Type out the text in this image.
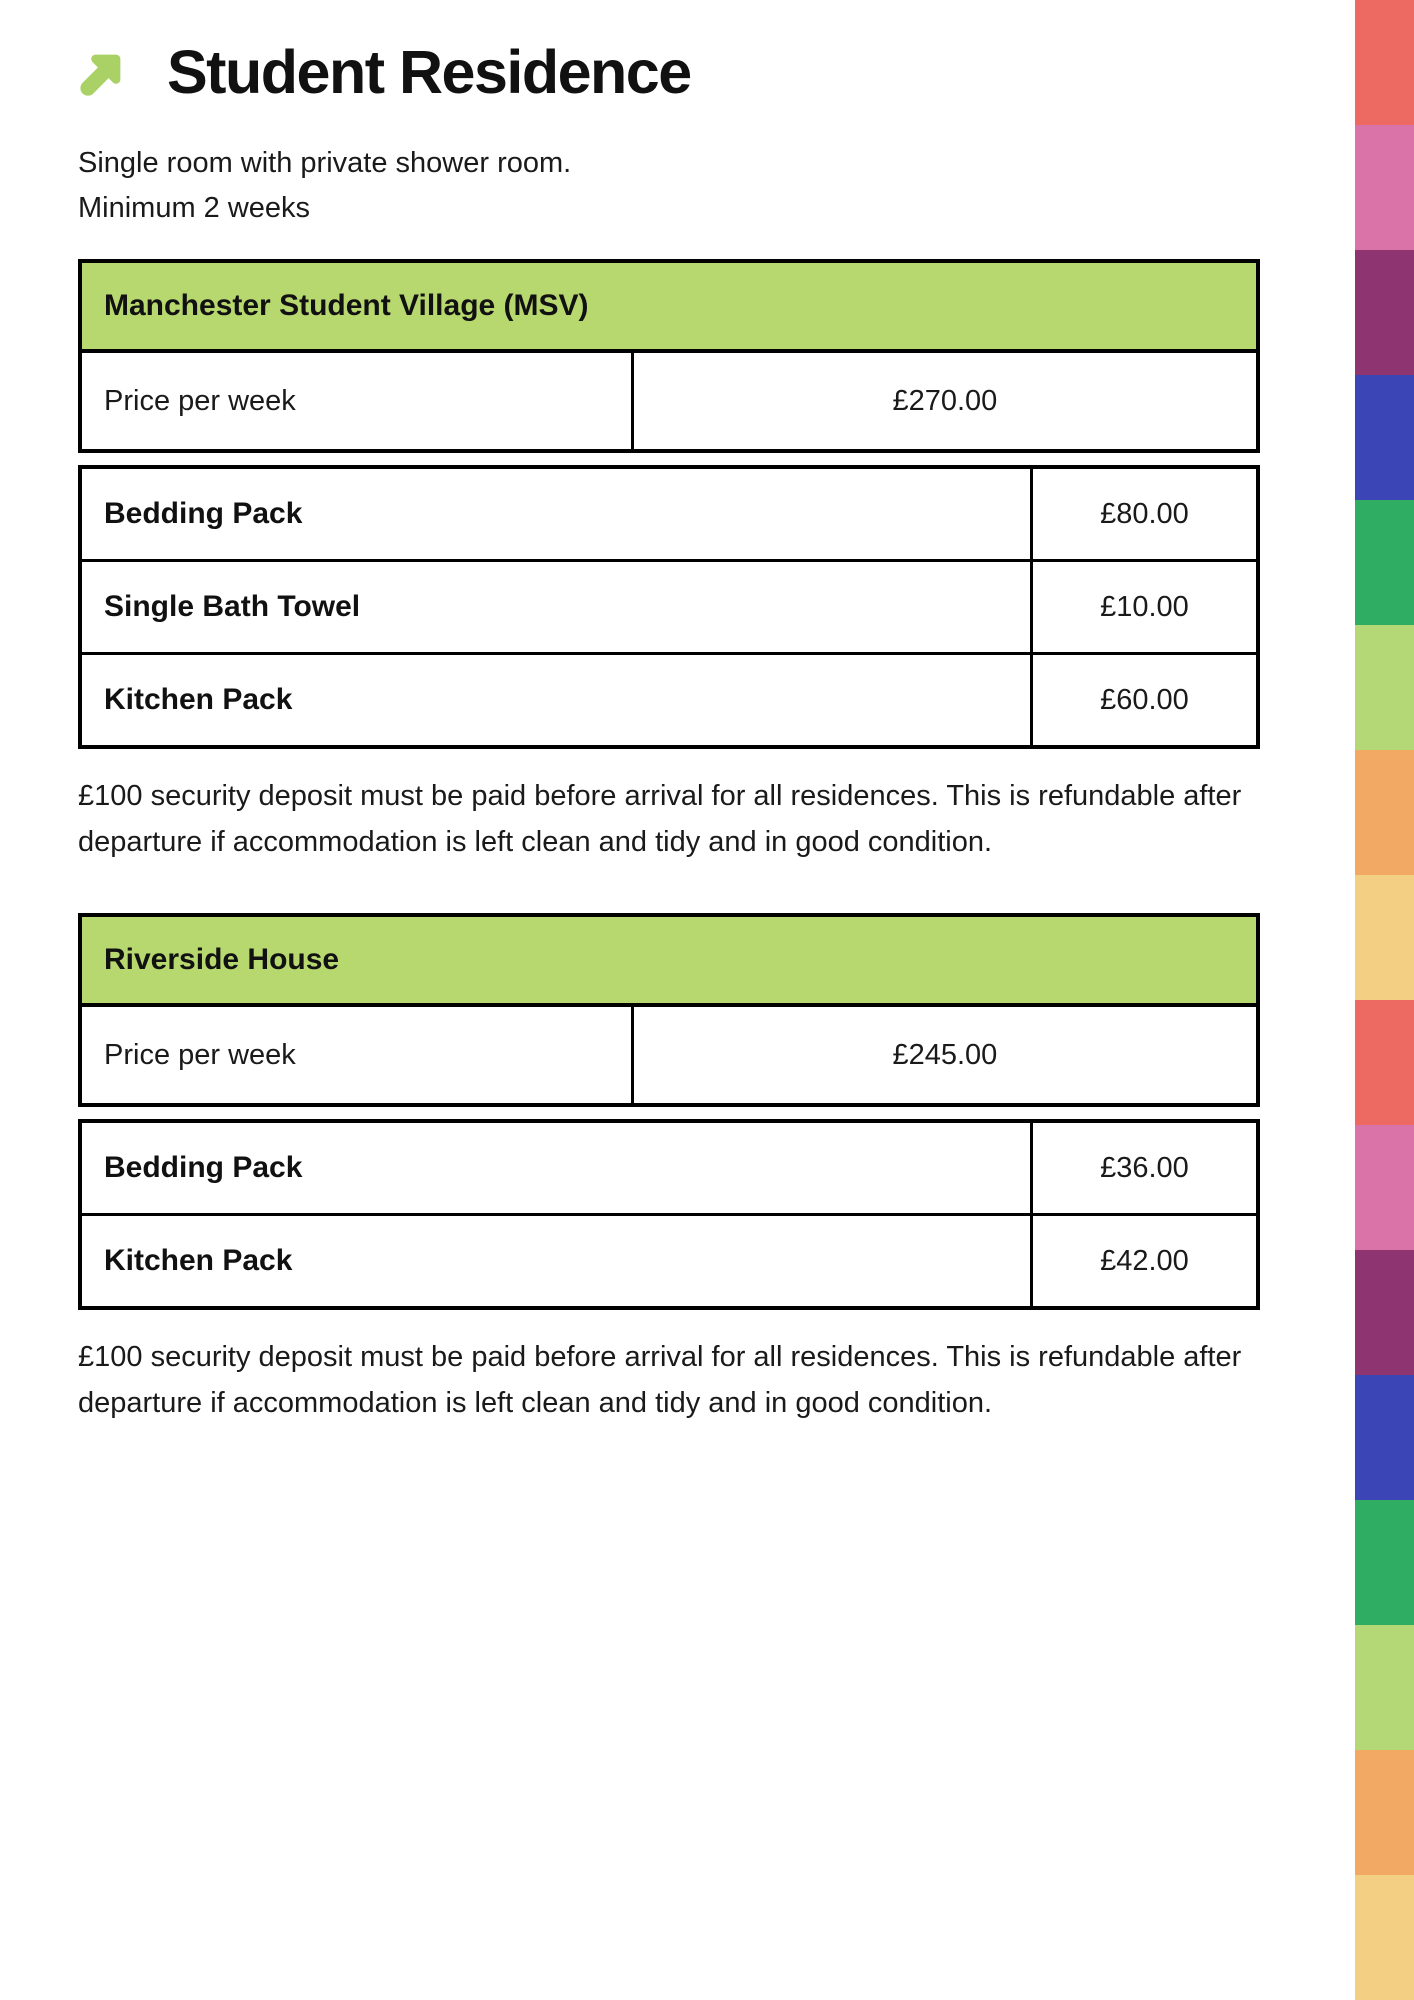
Student Residence
Single room with private shower room.
Minimum 2 weeks
Manchester Student Village (MSV)
Price per week	£270.00
Bedding Pack	£80.00
Single Bath Towel	£10.00
Kitchen Pack	£60.00
£100 security deposit must be paid before arrival for all residences. This is refundable after departure if accommodation is left clean and tidy and in good condition.
Riverside House
Price per week	£245.00
Bedding Pack	£36.00
Kitchen Pack	£42.00
£100 security deposit must be paid before arrival for all residences. This is refundable after departure if accommodation is left clean and tidy and in good condition.
